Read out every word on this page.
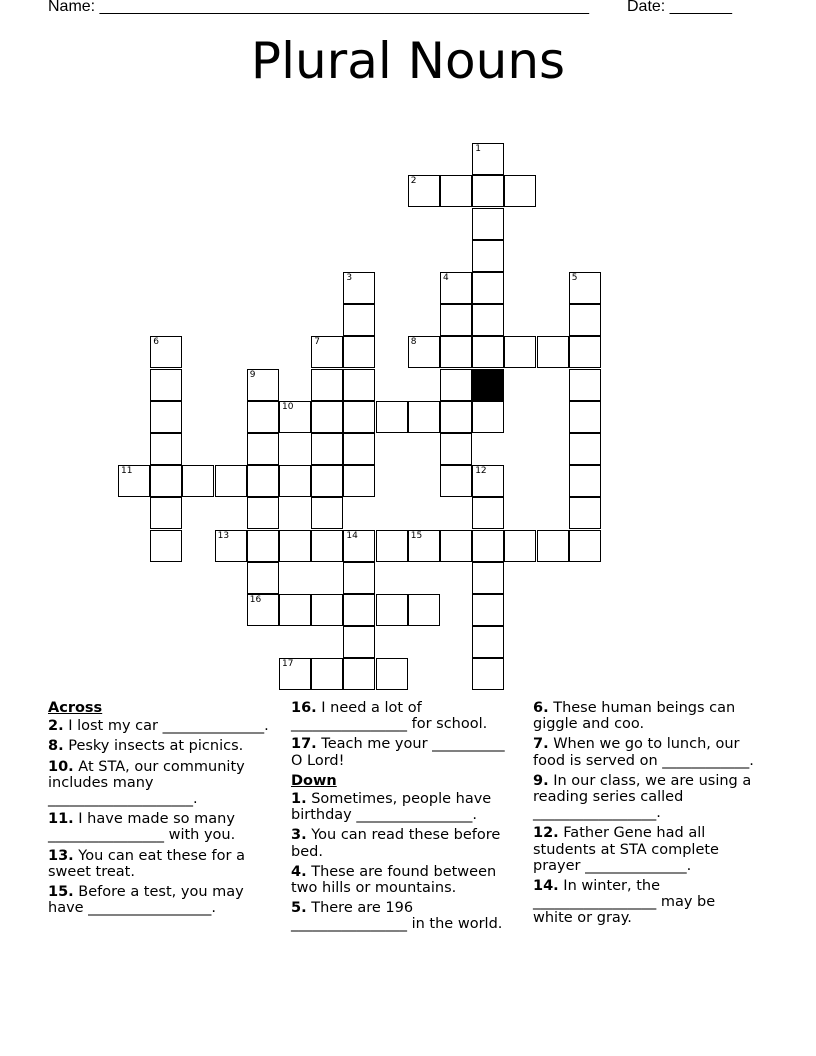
Name: _______________________________________________________ Date: _______
Plural Nouns
1
2
3	4	5
6	7	8
9
16
10
11	12
13	14	15
17
Across
2. I lost my car ______________.
8. Pesky insects at picnics.
10. At STA, our community includes many ____________________.
11. I have made so many ________________ with you.
13. You can eat these for a sweet treat.
15. Before a test, you may have _________________.
16. I need a lot of ________________ for school.
17. Teach me your __________ O Lord!
Down
1. Sometimes, people have birthday ________________.
3. You can read these before bed.
4. These are found between two hills or mountains.
5. There are 196 ________________ in the world.
6. These human beings can giggle and coo.
7. When we go to lunch, our food is served on ____________.
9. In our class, we are using a reading series called _________________.
12. Father Gene had all students at STA complete prayer ______________.
14. In winter, the _________________ may be white or gray.
